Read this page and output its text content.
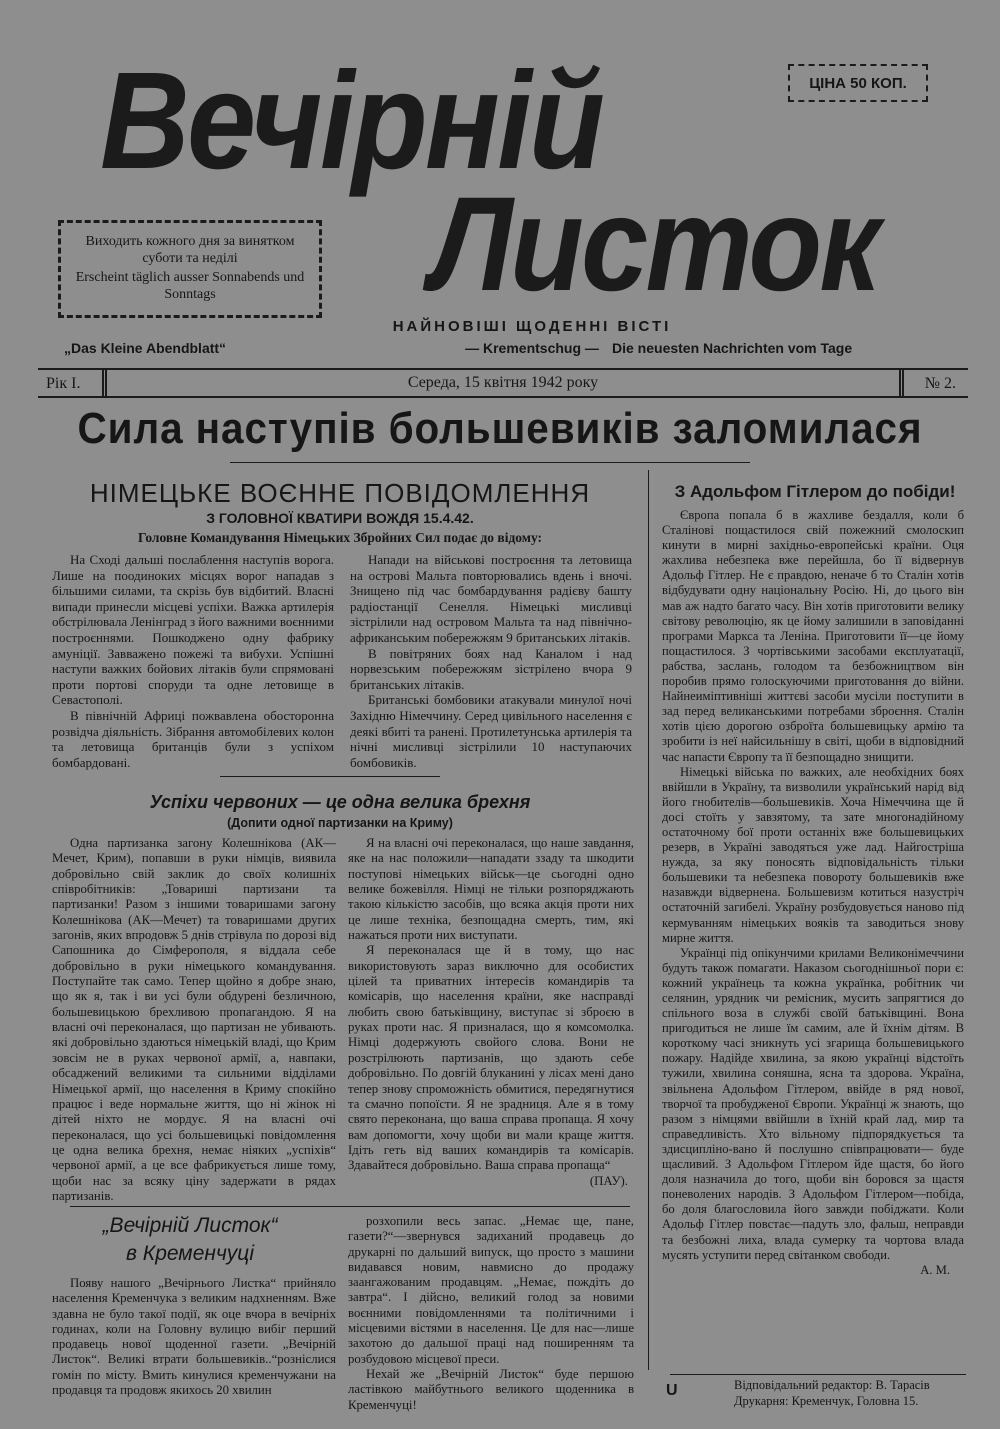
Вечірній
Листок
ЦІНА 50 КОП.
Виходить кожного дня за винятком суботи та неділі
Erscheint täglich ausser Sonnabends und Sonntags
НАЙНОВІШІ ЩОДЕННІ ВІСТІ
„Das Kleine Abendblatt“	— Krementschug — Die neuesten Nachrichten vom Tage
Рік І.	Середа, 15 квітня 1942 року	№ 2.
Сила наступів большевиків заломилася
НІМЕЦЬКЕ ВОЄННЕ ПОВІДОМЛЕННЯ
З ГОЛОВНОЇ КВАТИРИ ВОЖДЯ 15.4.42.
Головне Командування Німецьких Збройних Сил подає до відому:

На Сході дальші послаблення наступів ворога. Лише на поодиноких місцях ворог нападав з більшими силами, та скрізь був відбитий. Власні випади принесли місцеві успіхи. Важка артилерія обстрілювала Ленінград з його важними воєнними построєннями. Пошкоджено одну фабрику амуніції. Завважено пожежі та вибухи. Успішні наступи важких бойових літаків були спрямовані проти портові споруди та одне летовище в Севастополі.

В північній Африці пожвавлена обосторонна розвідча діяльність. Зібрання автомобілевих колон та летовища британців були з успіхом бомбардовані.

Напади на військові построєння та летовища на острові Мальта повторювались вдень і вночі. Знищено під час бомбардування радієву башту радіостанції Сенелля. Німецькі мисливці зістрілили над островом Мальта та над північно-африканським побережжям 9 британських літаків.

В повітряних боях над Каналом і над норвезським побережжям зістрілено вчора 9 британських літаків.

Британські бомбовики атакували минулої ночі Західню Німеччину. Серед цивільного населення є деякі вбиті та ранені. Протилетунська артилерія та нічні мисливці зістрілили 10 наступаючих бомбовиків.

З Адольфом Гітлером до побіди!

Європа попала б в жахливе бездалля, коли б Сталінові пощастилося свій пожежний смолоскип кинути в мирні західньо-европейські країни. Оця жахлива небезпека вже перейшла, бо її відвернув Адольф Гітлер. Не є правдою, неначе б то Сталін хотів відбудувати одну національну Росію. Ні, до цього він мав аж надто багато часу. Він хотів приготовити велику світову революцію, як це йому залишили в заповіданні програми Маркса та Леніна. Приготовити її—це йому пощастилося. З чортівськими засобами експлуатації, рабства, заслань, голодом та безбожництвом він поробив прямо голоскуючими приготовання до війни. Найнеиміптивніші життєві засоби мусіли поступити в зад перед великанськими потребами зброєння. Сталін хотів цією дорогою озброїта большевицьку армію та зробити із неї найсильнішу в світі, щоби в відповідний час напасти Європу та її безпощадно знищити.

Німецькі війська по важких, але необхідних боях ввійшли в Україну, та визволили український нарід від його гнобителів—большевиків. Хоча Німеччина ще й досі стоїть у завзятому, та зате многонадійному остаточному бої проти останніх вже большевицьких резерв, в Україні заводяться уже лад. Найгостріша нужда, за яку поносять відповідальність тільки большевики та небезпека повороту большевиків вже назавжди відвернена. Большевизм котиться назустріч остаточній загибелі. Україну розбудовується наново під кермуванням німецьких вояків та заводиться знову мирне життя.

Українці під опікунчими крилами Великонімеччини будуть також помагати. Наказом сьогоднішньої пори є: кожний українець та кожна українка, робітник чи селянин, урядник чи ремісник, мусить запрягтися до спільного воза в службі своїй батьківщині. Вона пригодиться не лише їм самим, але й їхнім дітям. В короткому часі зникнуть усі згарища большевицького пожару. Надійде хвилина, за якою українці відстоїть тужили, хвилина соняшна, ясна та здорова. Україна, звільнена Адольфом Гітлером, ввійде в ряд нової, творчої та пробудженої Європи. Українці ж знають, що разом з німцями ввійшли в їхній край лад, мир та справедливість. Хто вільному підпорядкується та здисципліно-вано й послушно співпрацювати— буде щасливий. З Адольфом Гітлером йде щастя, бо його доля назначила до того, щоби він боровся за щастя поневолених народів. З Адольфом Гітлером—побіда, бо доля благословила його завжди побіджати. Коли Адольф Гітлер повстає—падуть зло, фальш, неправди та безбожні лиха, влада сумерку та чортова влада мусять уступити перед світанком свободи.

А. М.

Успіхи червоних — це одна велика брехня
(Допити одної партизанки на Криму)

Одна партизанка загону Колешнікова (АК—Мечет, Крим), попавши в руки німців, виявила добровільно свій заклик до своїх колишніх співробітників: „Товариші партизани та партизанки! Разом з іншими товаришами загону Колешнікова (АК—Мечет) та товаришами других загонів, яких впродовж 5 днів стрівула по дорозі від Сапошника до Сімферополя, я віддала себе добровільно в руки німецького командування. Поступайте так само. Тепер щойно я добре знаю, що як я, так і ви усі були обдурені безличною, большевицькою брехливою пропагандою. Я на власні очі переконалася, що партизан не убивають. які добровільно здаються німецькій владі, що Крим зовсім не в руках червоної армії, а, навпаки, обсаджений великими та сильними відділами Німецької армії, що населення в Криму спокійно працює і веде нормальне життя, що ні жінок ні дітей ніхто не мордує. Я на власні очі переконалася, що усі большевицькі повідомлення це одна велика брехня, немає ніяких „успіхів“ червоної армії, а це все фабрикується лише тому, щоби нас за всяку ціну задержати в рядах партизанів.

Я на власні очі переконалася, що наше завдання, яке на нас положили—нападати ззаду та шкодити поступові німецьких військ—це сьогодні одно велике божевілля. Німці не тільки розпоряджають такою кількістю засобів, що всяка акція проти них це лише техніка, безпощадна смерть, тим, які нажаться проти них виступати.

Я переконалася ще й в тому, що нас використовують зараз виключно для особистих цілей та приватних інтересів командирів та комісарів, що населення країни, яке насправді любить свою батьківщину, виступає зі зброєю в руках проти нас. Я призналася, що я комсомолка. Німці додержують свойого слова. Вони не розстрілюють партизанів, що здають себе добровільно. По довгій блуканині у лісах мені дано тепер знову спроможність обмитися, передягнутися та смачно попоїсти. Я не зрадниця. Але я в тому свято переконана, що ваша справа пропаща. Я хочу вам допомогти, хочу щоби ви мали краще життя. Ідіть геть від ваших командирів та комісарів. Здавайтеся добровільно. Ваша справа пропаща“

(ПАУ).

„Вечірній Листок“
в Кременчуці

Появу нашого „Вечірнього Листка“ прийняло населення Кременчука з великим надхненням. Вже здавна не було такої події, як оце вчора в вечірніх годинах, коли на Головну вулицю вибіг перший продавець нової щоденної газети. „Вечірній Листок“. Великі втрати большевиків..“розніслися гомін по місту. Вмить кинулися кременчужани на продавця та продовж якихось 20 хвилин

розхопили весь запас. „Немає ще, пане, газети?“—звернувся задиханий продавець до друкарні по дальший випуск, що просто з машини видавався новим, навмисно до продажу заангажованим продавцям. „Немає, пождіть до завтра“. І дійсно, великий голод за новими воєнними повідомленнями та політичними і місцевими вістями в населення. Це для нас—лише захотою до дальшої праці над поширенням та розбудовою місцевої преси.

Нехай же „Вечірній Листок“ буде першою ластівкою майбутнього великого щоденника в Кременчуці!

U	Відповідальний редактор: В. Тарасів
Друкарня: Кременчук, Головна 15.
